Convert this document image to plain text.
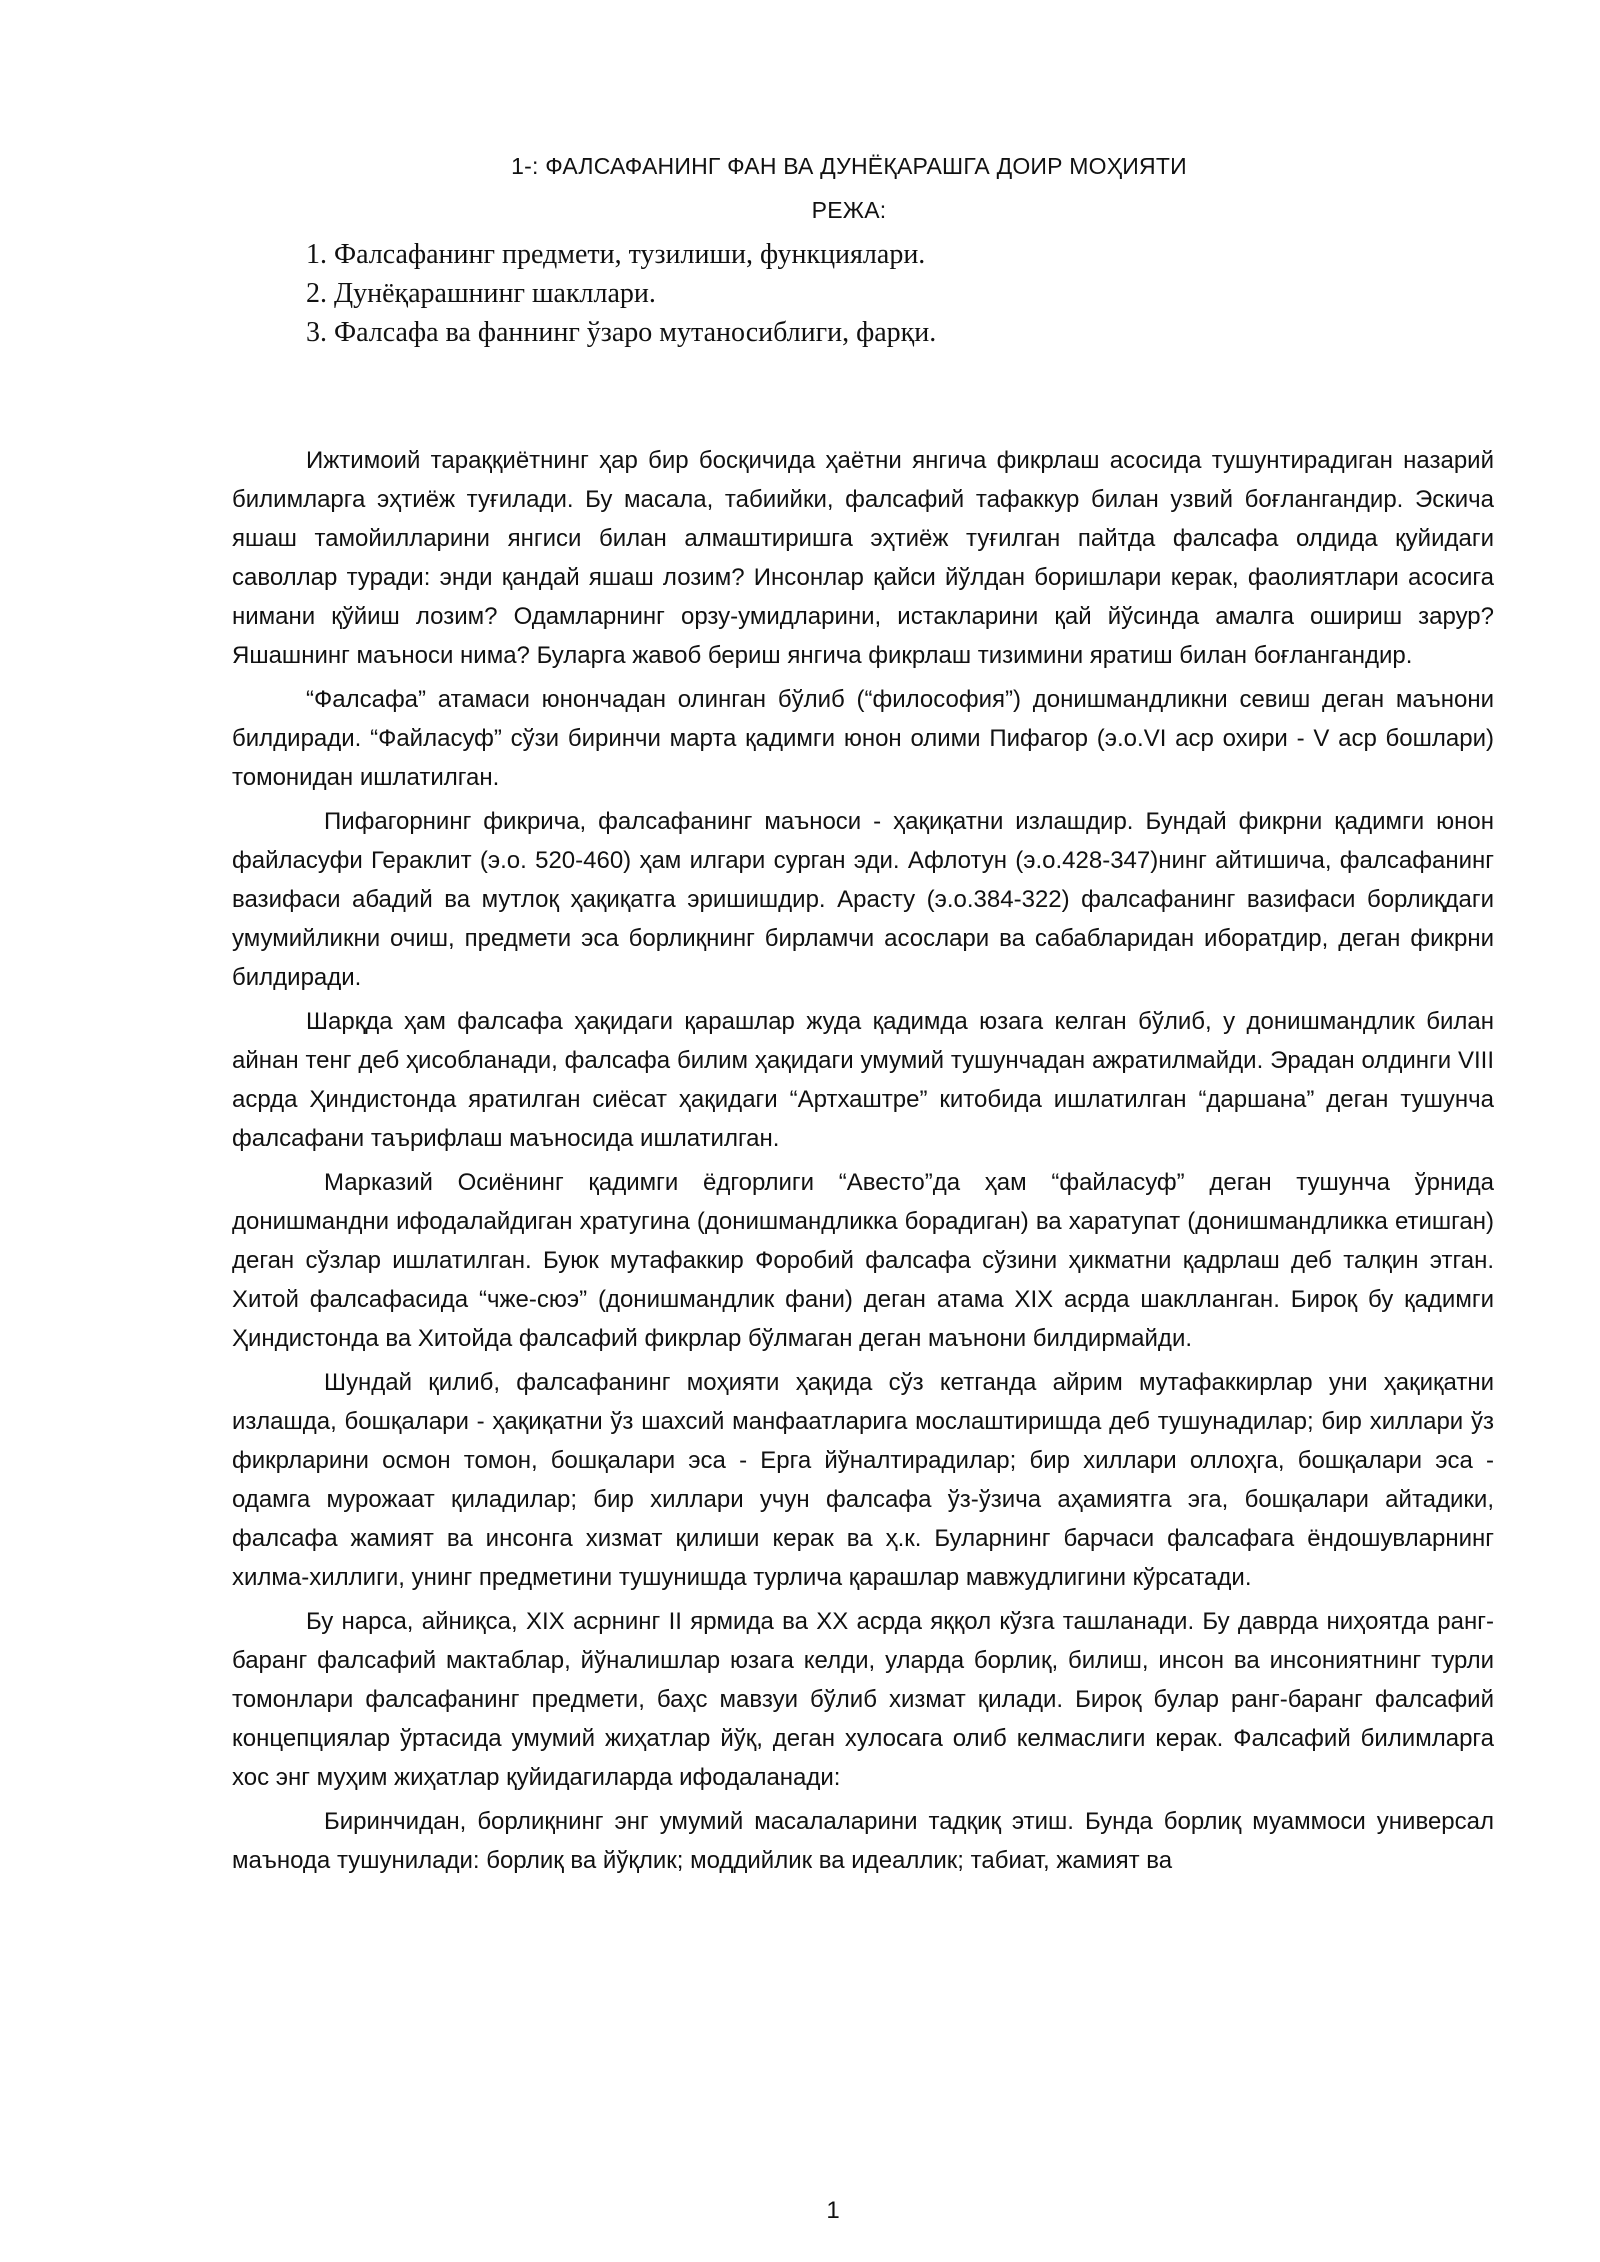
1-: ФАЛСАФАНИНГ ФАН ВА ДУНЁҚАРАШГА ДОИР МОҲИЯТИ
РЕЖА:
1. Фалсафанинг предмети, тузилиши, функциялари.
2. Дунёқарашнинг шакллари.
3. Фалсафа ва фаннинг ўзаро мутаносиблиги, фарқи.

Ижтимоий тараққиётнинг ҳар бир босқичида ҳаётни янгича фикрлаш асосида тушунтирадиган назарий билимларга эҳтиёж туғилади. Бу масала, табиийки, фалсафий тафаккур билан узвий боғлангандир. Эскича яшаш тамойилларини янгиси билан алмаштиришга эҳтиёж туғилган пайтда фалсафа олдида қуйидаги саволлар туради: энди қандай яшаш лозим? Инсонлар қайси йўлдан боришлари керак, фаолиятлари асосига нимани қўйиш лозим? Одамларнинг орзу-умидларини, истакларини қай йўсинда амалга ошириш зарур? Яшашнинг маъноси нима? Буларга жавоб бериш янгича фикрлаш тизимини яратиш билан боғлангандир.

“Фалсафа” атамаси юнончадан олинган бўлиб (“философия”) донишмандликни севиш деган маънони билдиради. “Файласуф” сўзи биринчи марта қадимги юнон олими Пифагор (э.о.VI аср охири - V аср бошлари) томонидан ишлатилган.

Пифагорнинг фикрича, фалсафанинг маъноси - ҳақиқатни излашдир. Бундай фикрни қадимги юнон файласуфи Гераклит (э.о. 520-460) ҳам илгари сурган эди. Афлотун (э.о.428-347)нинг айтишича, фалсафанинг вазифаси абадий ва мутлоқ ҳақиқатга эришишдир. Арасту (э.о.384-322) фалсафанинг вазифаси борлиқдаги умумийликни очиш, предмети эса борлиқнинг бирламчи асослари ва сабабларидан иборатдир, деган фикрни билдиради.

Шарқда ҳам фалсафа ҳақидаги қарашлар жуда қадимда юзага келган бўлиб, у донишмандлик билан айнан тенг деб ҳисобланади, фалсафа билим ҳақидаги умумий тушунчадан ажратилмайди. Эрадан олдинги VIII асрда Ҳиндистонда яратилган сиёсат ҳақидаги “Артхаштре” китобида ишлатилган “даршана” деган тушунча фалсафани таърифлаш маъносида ишлатилган.

Марказий Осиёнинг қадимги ёдгорлиги “Авесто”да ҳам “файласуф” деган тушунча ўрнида донишмандни ифодалайдиган хратугина (донишмандликка борадиган) ва харатупат (донишмандликка етишган) деган сўзлар ишлатилган. Буюк мутафаккир Форобий фалсафа сўзини ҳикматни қадрлаш деб талқин этган. Хитой фалсафасида “чже-сюэ” (донишмандлик фани) деган атама XIX асрда шаклланган. Бироқ бу қадимги Ҳиндистонда ва Хитойда фалсафий фикрлар бўлмаган деган маънони билдирмайди.

Шундай қилиб, фалсафанинг моҳияти ҳақида сўз кетганда айрим мутафаккирлар уни ҳақиқатни излашда, бошқалари - ҳақиқатни ўз шахсий манфаатларига мослаштиришда деб тушунадилар; бир хиллари ўз фикрларини осмон томон, бошқалари эса - Ерга йўналтирадилар; бир хиллари оллоҳга, бошқалари эса - одамга мурожаат қиладилар; бир хиллари учун фалсафа ўз-ўзича аҳамиятга эга, бошқалари айтадики, фалсафа жамият ва инсонга хизмат қилиши керак ва ҳ.к. Буларнинг барчаси фалсафага ёндошувларнинг хилма-хиллиги, унинг предметини тушунишда турлича қарашлар мавжудлигини кўрсатади.

Бу нарса, айниқса, XIX асрнинг II ярмида ва XX асрда яққол кўзга ташланади. Бу даврда ниҳоятда ранг-баранг фалсафий мактаблар, йўналишлар юзага келди, уларда борлиқ, билиш, инсон ва инсониятнинг турли томонлари фалсафанинг предмети, баҳс мавзуи бўлиб хизмат қилади. Бироқ булар ранг-баранг фалсафий концепциялар ўртасида умумий жиҳатлар йўқ, деган хулосага олиб келмаслиги керак. Фалсафий билимларга хос энг муҳим жиҳатлар қуйидагиларда ифодаланади:

Биринчидан, борлиқнинг энг умумий масалаларини тадқиқ этиш. Бунда борлиқ муаммоси универсал маънода тушунилади: борлиқ ва йўқлик; моддийлик ва идеаллик; табиат, жамият ва

1
